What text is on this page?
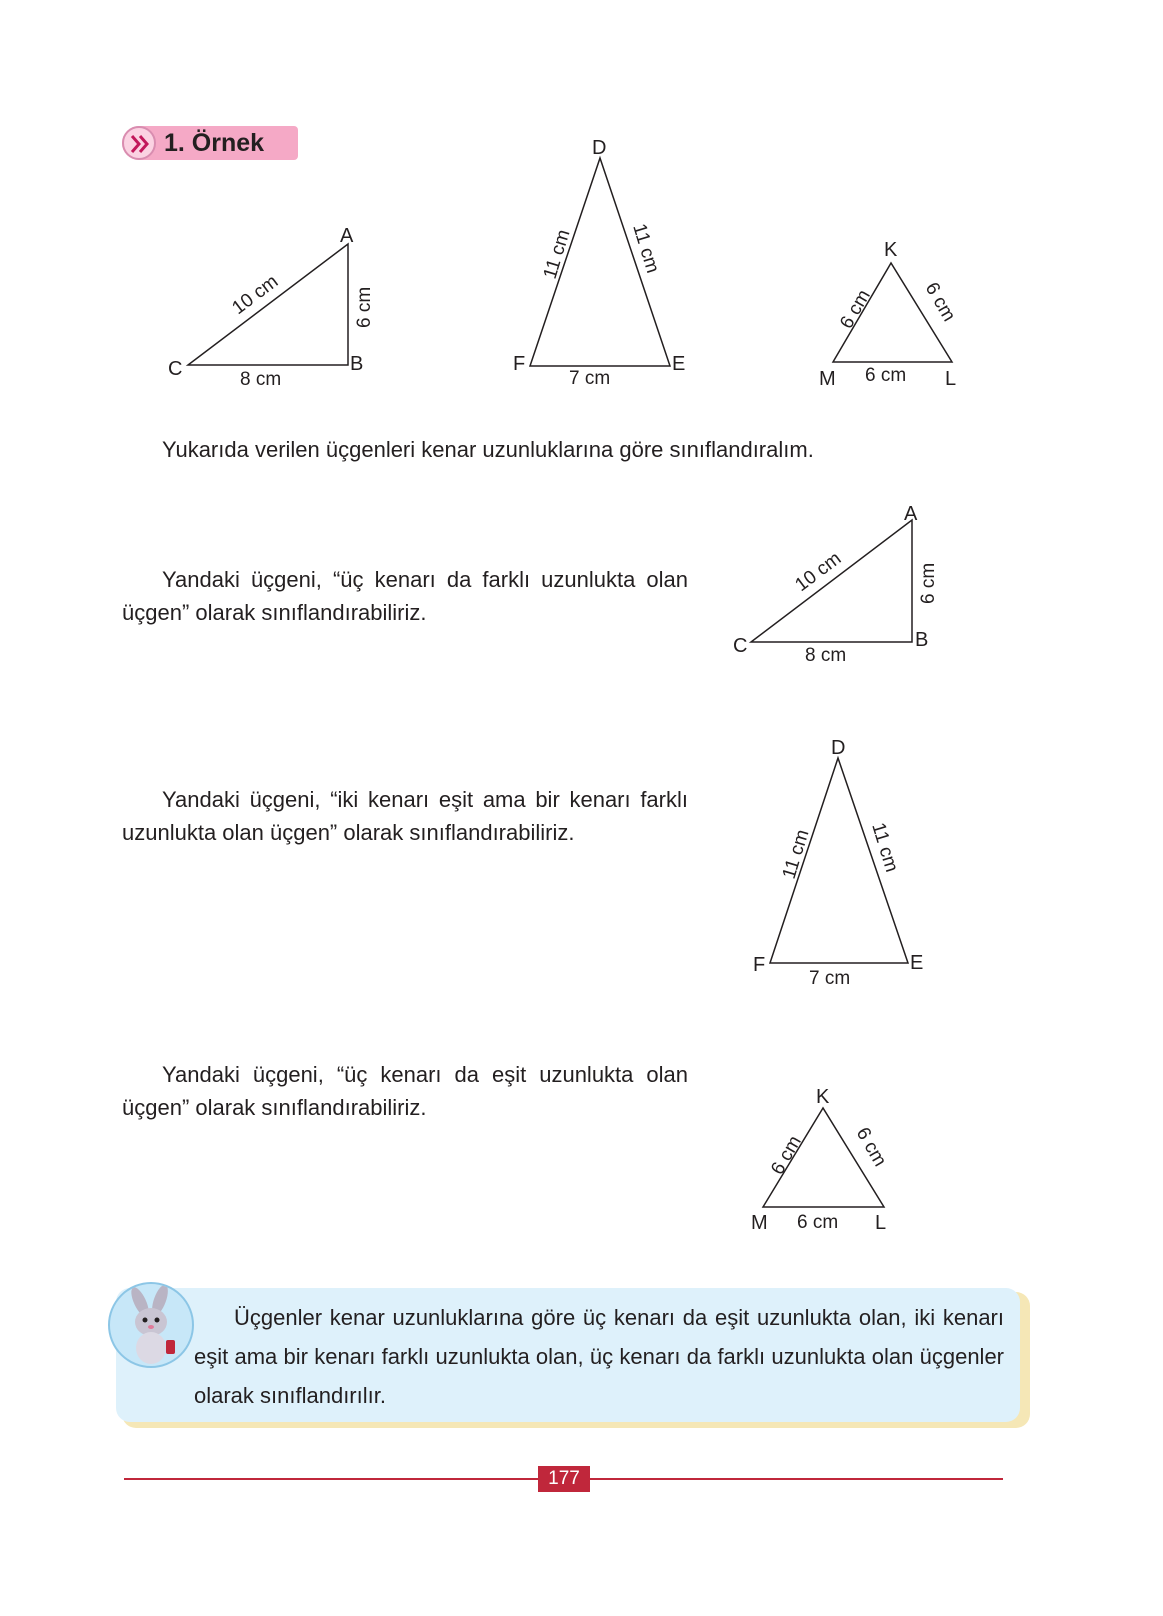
1. Örnek
A
B
C
10 cm	6 cm
8 cm
D
E
F
11 cm	11 cm
7 cm
K
L
M
6 cm 6 cm
6 cm
Yukarıda verilen üçgenleri kenar uzunluklarına göre sınıflandıralım.
Yandaki üçgeni, “üç kenarı da farklı uzunlukta olan üçgen” olarak sınıflandırabiliriz.
A
B
C
10 cm	6 cm
8 cm
Yandaki üçgeni, “iki kenarı eşit ama bir kenarı farklı uzunlukta olan üçgen” olarak sınıflandırabiliriz.
D
E
F
11 cm	11 cm
7 cm
Yandaki üçgeni, “üç kenarı da eşit uzunlukta olan üçgen” olarak sınıflandırabiliriz.	K
L
M
6 cm 6 cm
6 cm
Üçgenler kenar uzunluklarına göre üç kenarı da eşit uzunlukta olan, iki kenarı eşit ama bir kenarı farklı uzunlukta olan, üç kenarı da farklı uzunlukta olan üçgenler olarak sınıflandırılır.
177
